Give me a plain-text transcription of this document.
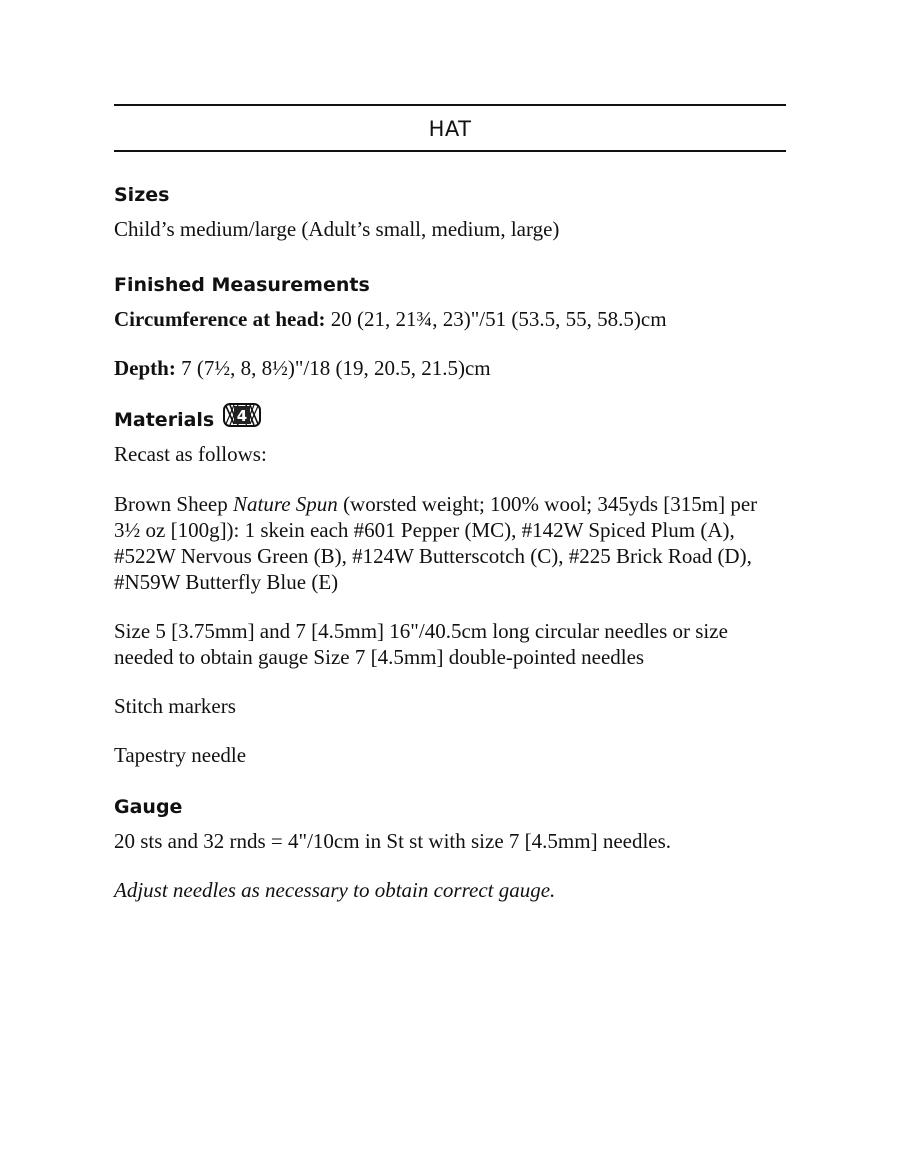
HAT
Sizes

Child’s medium/large (Adult’s small, medium, large)

Finished Measurements

Circumference at head: 20 (21, 21¾, 23)"/51 (53.5, 55, 58.5)cm

Depth: 7 (7½, 8, 8½)"/18 (19, 20.5, 21.5)cm

Materials 4

Recast as follows:

Brown Sheep Nature Spun (worsted weight; 100% wool; 345yds [315m] per 3½ oz [100g]): 1 skein each #601 Pepper (MC), #142W Spiced Plum (A), #522W Nervous Green (B), #124W Butterscotch (C), #225 Brick Road (D), #N59W Butterfly Blue (E)

Size 5 [3.75mm] and 7 [4.5mm] 16"/40.5cm long circular needles or size needed to obtain gauge Size 7 [4.5mm] double-pointed needles

Stitch markers

Tapestry needle

Gauge

20 sts and 32 rnds = 4"/10cm in St st with size 7 [4.5mm] needles.

Adjust needles as necessary to obtain correct gauge.
